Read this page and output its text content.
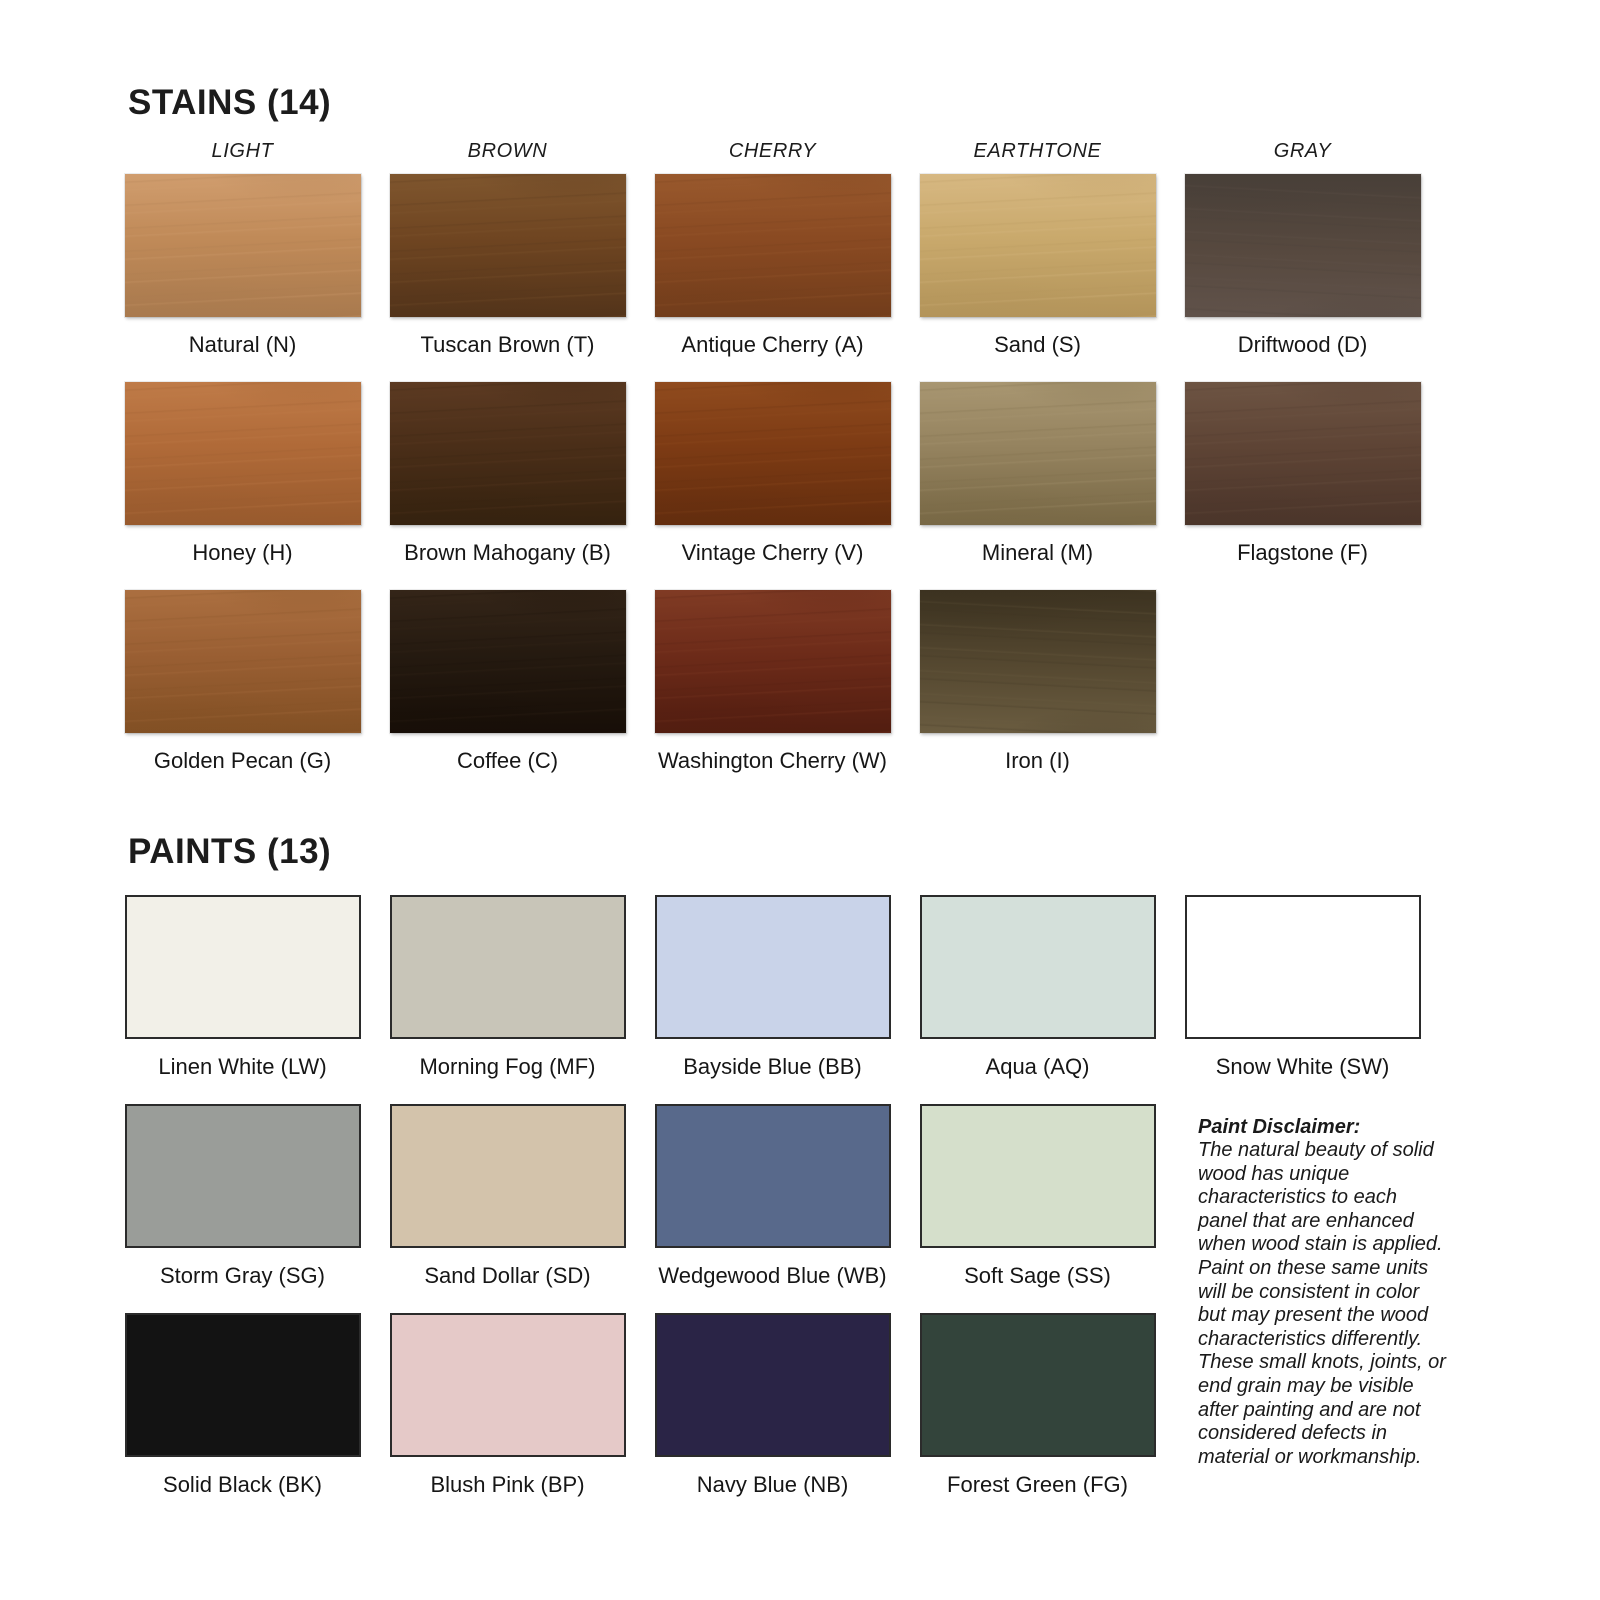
STAINS (14)
LIGHT	BROWN	CHERRY	EARTHTONE	GRAY
Natural (N)	Tuscan Brown (T)	Antique Cherry (A)	Sand (S)	Driftwood (D)
Honey (H)	Brown Mahogany (B)	Vintage Cherry (V)	Mineral (M)	Flagstone (F)
Golden Pecan (G)	Coffee (C)	Washington Cherry (W)	Iron (I)
PAINTS (13)
Paint Disclaimer:
The natural beauty of solid wood has unique characteristics to each panel that are enhanced when wood stain is applied. Paint on these same units will be consistent in color but may present the wood characteristics differently. These small knots, joints, or end grain may be visible after painting and are not considered defects in material or workmanship.
Linen White (LW)	Morning Fog (MF)	Bayside Blue (BB)	Aqua (AQ)	Snow White (SW)
Storm Gray (SG)	Sand Dollar (SD)	Wedgewood Blue (WB)	Soft Sage (SS)
Solid Black (BK)	Blush Pink (BP)	Navy Blue (NB)	Forest Green (FG)
